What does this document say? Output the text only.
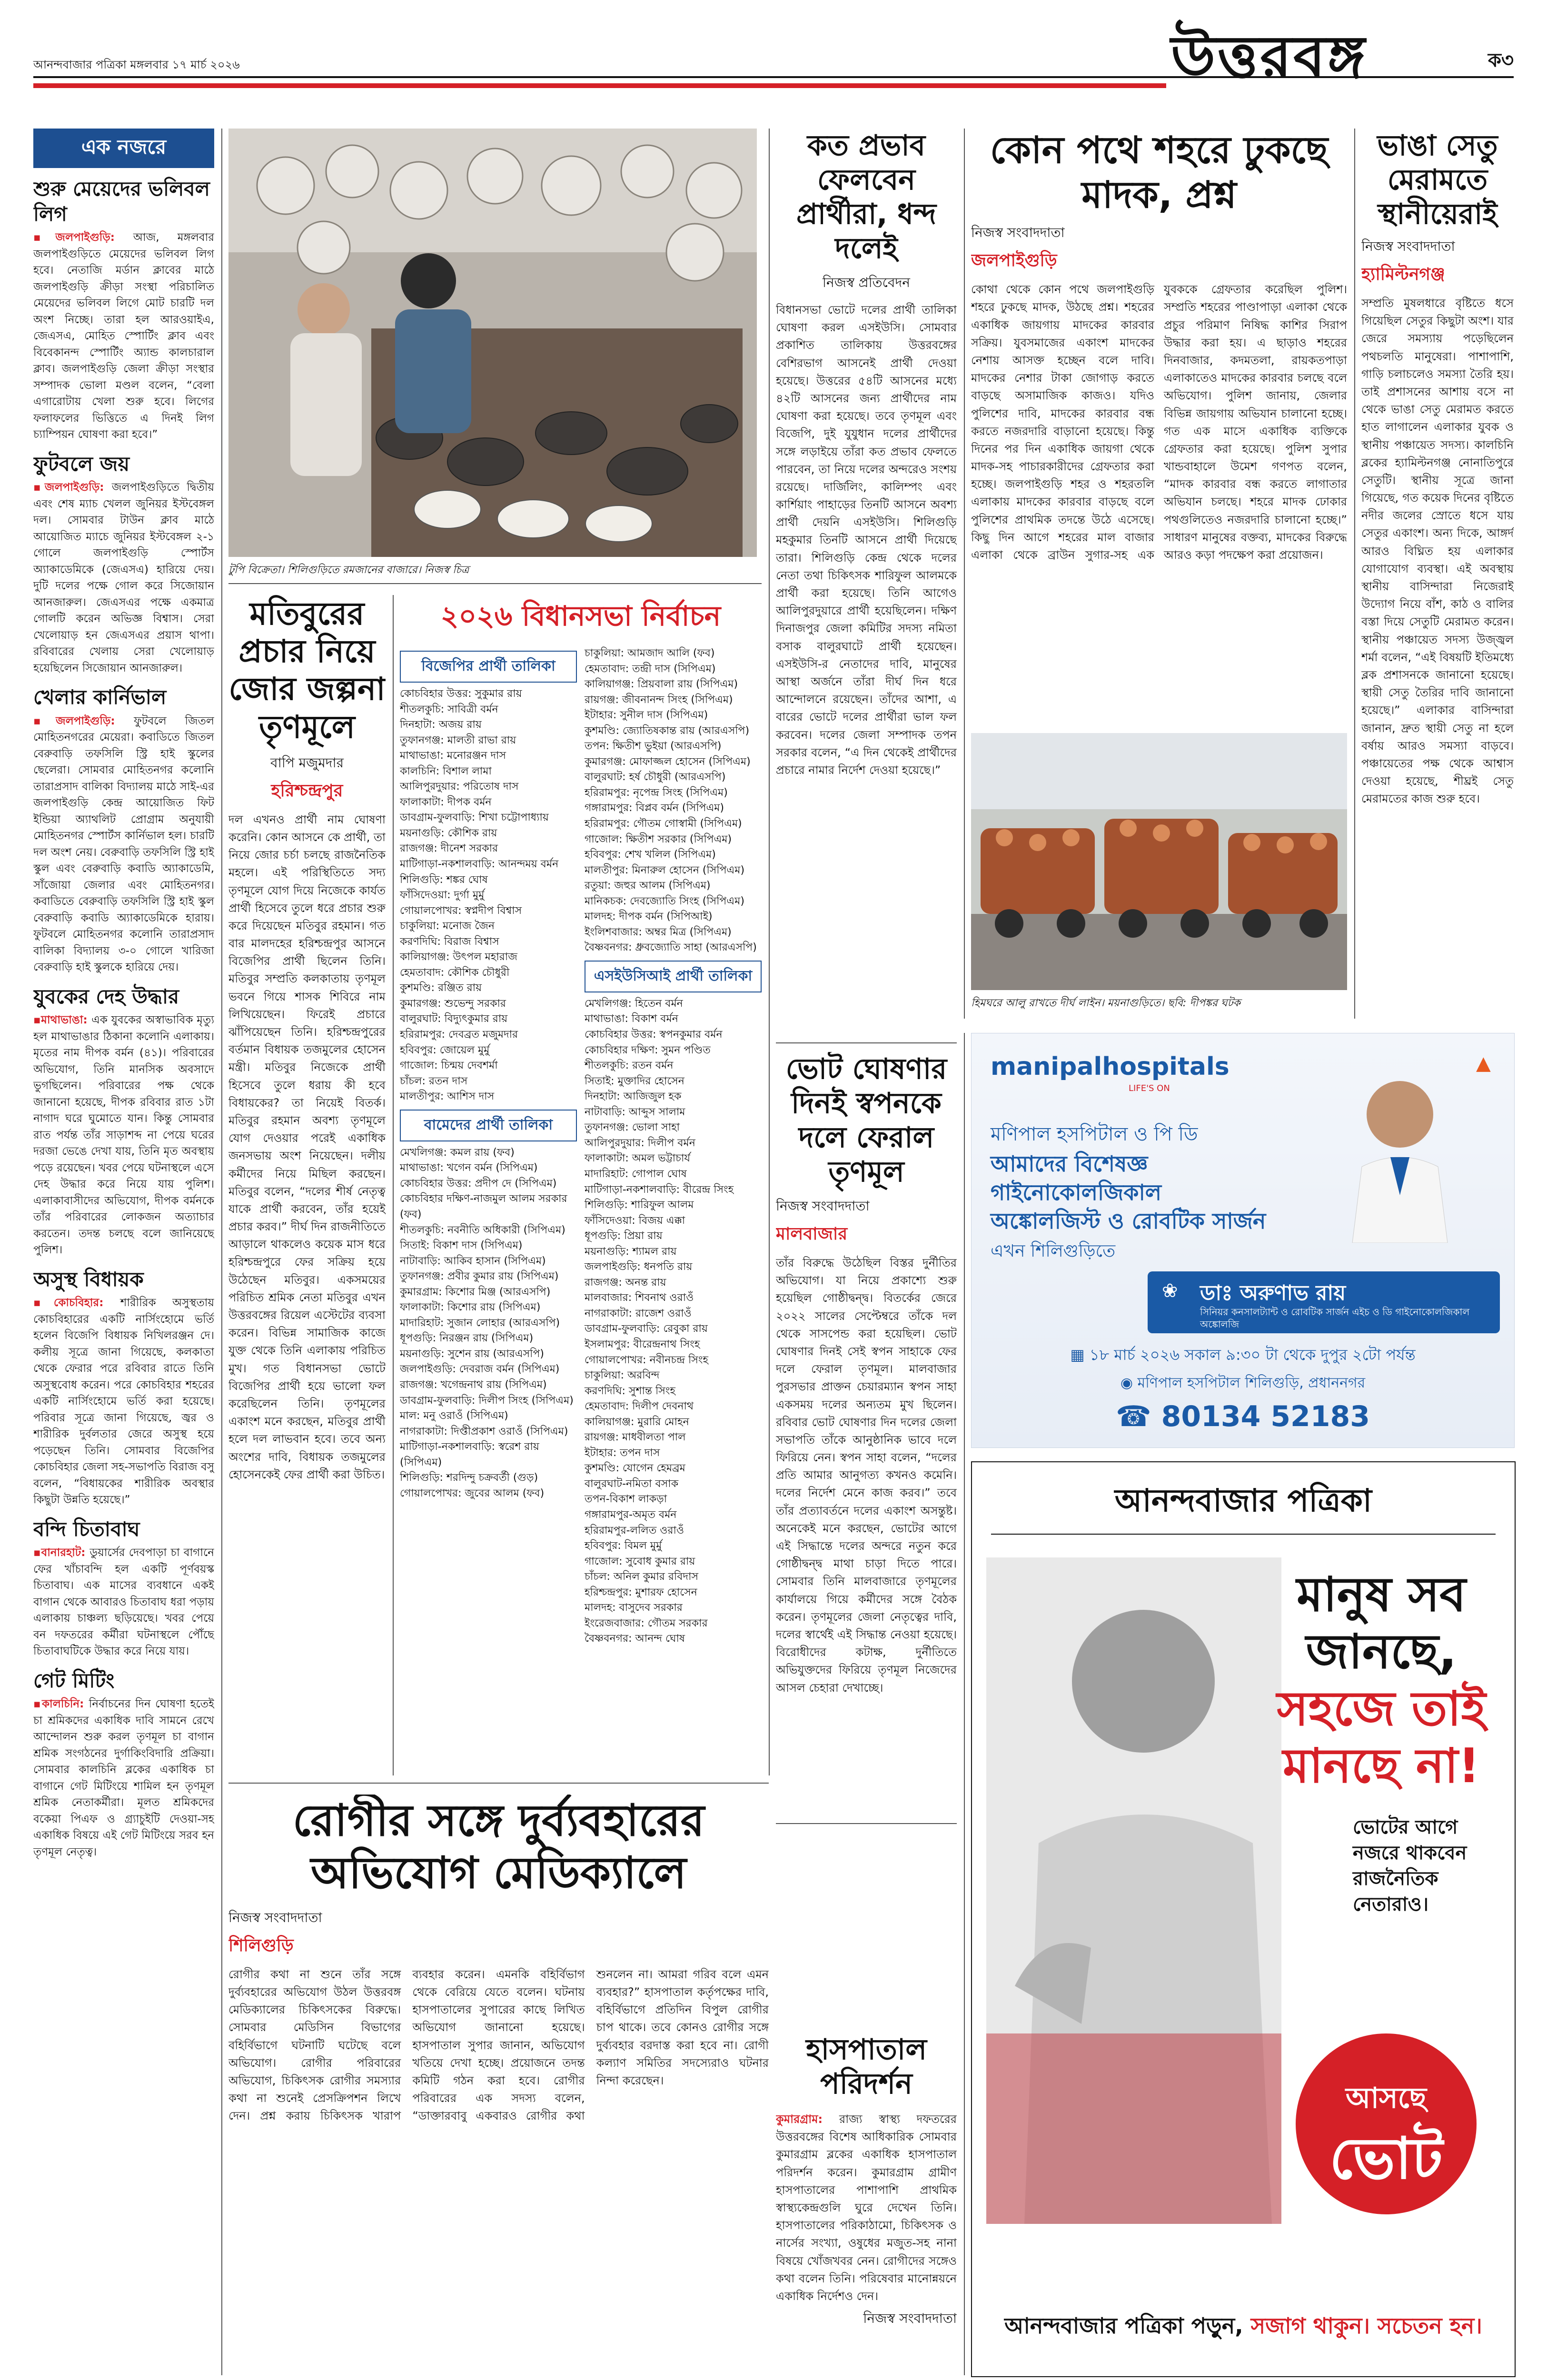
আনন্দবাজার পত্রিকা মঙ্গলবার ১৭ মার্চ ২০২৬	উত্তরবঙ্গ	ক৩
এক নজরে
শুরু মেয়েদের ভলিবল লিগ
▪জলপাইগুড়ি: আজ, মঙ্গলবার জলপাইগুড়িতে মেয়েদের ভলিবল লিগ হবে। নেতাজি মর্ডান ক্লাবের মাঠে জলপাইগুড়ি ক্রীড়া সংস্থা পরিচালিত মেয়েদের ভলিবল লিগে মোট চারটি দল অংশ নিচ্ছে। তারা হল আরওয়াইএ, জেএসএ, মোহিত স্পোর্টিং ক্লাব এবং বিবেকানন্দ স্পোর্টিং অ্যান্ড কালচারাল ক্লাব। জলপাইগুড়ি জেলা ক্রীড়া সংস্থার সম্পাদক ভোলা মণ্ডল বলেন, “বেলা এগারোটায় খেলা শুরু হবে। লিগের ফলাফলের ভিত্তিতে এ দিনই লিগ চ্যাম্পিয়ন ঘোষণা করা হবে।”
ফুটবলে জয়
▪জলপাইগুড়ি: জলপাইগুড়িতে দ্বিতীয় এবং শেষ ম্যাচ খেলল জুনিয়র ইস্টবেঙ্গল দল। সোমবার টাউন ক্লাব মাঠে আয়োজিত ম্যাচে জুনিয়র ইস্টবেঙ্গল ২-১ গোলে জলপাইগুড়ি স্পোর্টস অ্যাকাডেমিকে (জেএসএ) হারিয়ে দেয়। দুটি দলের পক্ষে গোল করে সিজোয়ান আনজারুল। জেএসএর পক্ষে একমাত্র গোলটি করেন অভিজ্ঞ বিশ্বাস। সেরা খেলোয়াড় হন জেএসএর প্রয়াস থাপা। রবিবারের খেলায় সেরা খেলোয়াড় হয়েছিলেন সিজোয়ান আনজারুল।
খেলার কার্নিভাল
▪জলপাইগুড়ি: ফুটবলে জিতল মোহিতনগরের মেয়েরা। কবাডিতে জিতল বেরুবাড়ি তফসিলি স্ট্রি হাই স্কুলের ছেলেরা। সোমবার মোহিতনগর কলোনি তারাপ্রসাদ বালিকা বিদ্যালয় মাঠে সাই-এর জলপাইগুড়ি কেন্দ্র আয়োজিত ফিট ইন্ডিয়া অ্যাথলিট প্রোগ্রাম অনুযায়ী মোহিতনগর স্পোর্টস কার্নিভাল হল। চারটি দল অংশ নেয়। বেরুবাড়ি তফসিলি স্ট্রি হাই স্কুল এবং বেরুবাড়ি কবাডি অ্যাকাডেমি, সাঁজোয়া জেলার এবং মোহিতনগর। কবাডিতে বেরুবাড়ি তফসিলি স্ট্রি হাই স্কুল বেরুবাড়ি কবাডি অ্যাকাডেমিকে হারায়। ফুটবলে মোহিতনগর কলোনি তারাপ্রসাদ বালিকা বিদ্যালয় ৩-০ গোলে খারিজা বেরুবাড়ি হাই স্কুলকে হারিয়ে দেয়।
যুবকের দেহ উদ্ধার
▪মাথাভাঙা: এক যুবকের অস্বাভাবিক মৃত্যু হল মাথাভাঙার ঠিকানা কলোনি এলাকায়। মৃতের নাম দীপক বর্মন (৪১)। পরিবারের অভিযোগ, তিনি মানসিক অবসাদে ভুগছিলেন। পরিবারের পক্ষ থেকে জানানো হয়েছে, দীপক রবিবার রাত ১টা নাগাদ ঘরে ঘুমোতে যান। কিন্তু সোমবার রাত পর্যন্ত তাঁর সাড়াশব্দ না পেয়ে ঘরের দরজা ভেঙে দেখা যায়, তিনি মৃত অবস্থায় পড়ে রয়েছেন। খবর পেয়ে ঘটনাস্থলে এসে দেহ উদ্ধার করে নিয়ে যায় পুলিশ। এলাকাবাসীদের অভিযোগ, দীপক বর্মনকে তাঁর পরিবারের লোকজন অত্যাচার করতেন। তদন্ত চলছে বলে জানিয়েছে পুলিশ।
অসুস্থ বিধায়ক
▪কোচবিহার: শারীরিক অসুস্থতায় কোচবিহারের একটি নার্সিংহোমে ভর্তি হলেন বিজেপি বিধায়ক নিখিলরঞ্জন দে। কলীয় সূত্রে জানা গিয়েছে, কলকাতা থেকে ফেরার পরে রবিবার রাতে তিনি অসুস্থবোধ করেন। পরে কোচবিহার শহরের একটি নার্সিংহোমে ভর্তি করা হয়েছে। পরিবার সূত্রে জানা গিয়েছে, জ্বর ও শারীরিক দুর্বলতার জেরে অসুস্থ হয়ে পড়েছেন তিনি। সোমবার বিজেপির কোচবিহার জেলা সহ-সভাপতি বিরাজ বসু বলেন, “বিধায়কের শারীরিক অবস্থার কিছুটা উন্নতি হয়েছে।”
বন্দি চিতাবাঘ
▪বানারহাট: ডুয়ার্সের দেবপাড়া চা বাগানে ফের খাঁচাবন্দি হল একটি পূর্ণবয়স্ক চিতাবাঘ। এক মাসের ব্যবধানে একই বাগান থেকে আবারও চিতাবাঘ ধরা পড়ায় এলাকায় চাঞ্চল্য ছড়িয়েছে। খবর পেয়ে বন দফতরের কর্মীরা ঘটনাস্থলে পৌঁছে চিতাবাঘটিকে উদ্ধার করে নিয়ে যায়।
গেট মিটিং
▪কালচিনি: নির্বাচনের দিন ঘোষণা হতেই চা শ্রমিকদের একাধিক দাবি সামনে রেখে আন্দোলন শুরু করল তৃণমূল চা বাগান শ্রমিক সংগঠনের দুর্গাকিংবিদারি প্রক্রিয়া। সোমবার কালচিনি ব্লকের একাধিক চা বাগানে গেট মিটিংয়ে শামিল হন তৃণমূল শ্রমিক নেতাকর্মীরা। মূলত শ্রমিকদের বকেয়া পিএফ ও গ্র্যাচুইটি দেওয়া-সহ একাধিক বিষয়ে এই গেট মিটিংয়ে সরব হন তৃণমূল নেতৃত্ব।
টুপি বিক্রেতা। শিলিগুড়িতে রমজানের বাজারে। নিজস্ব চিত্র
মতিবুরের প্রচার নিয়ে জোর জল্পনা তৃণমূলে
বাপি মজুমদার
হরিশ্চন্দ্রপুর
দল এখনও প্রার্থী নাম ঘোষণা করেনি। কোন আসনে কে প্রার্থী, তা নিয়ে জোর চর্চা চলছে রাজনৈতিক মহলে। এই পরিস্থিতিতে সদ্য তৃণমূলে যোগ দিয়ে নিজেকে কার্যত প্রার্থী হিসেবে তুলে ধরে প্রচার শুরু করে দিয়েছেন মতিবুর রহমান। গত বার মালদহের হরিশ্চন্দ্রপুর আসনে বিজেপির প্রার্থী ছিলেন তিনি। মতিবুর সম্প্রতি কলকাতায় তৃণমূল ভবনে গিয়ে শাসক শিবিরে নাম লিখিয়েছেন। ফিরেই প্রচারে ঝাঁপিয়েছেন তিনি। হরিশ্চন্দ্রপুরের বর্তমান বিধায়ক তজমুলের হোসেন মন্ত্রী। মতিবুর নিজেকে প্রার্থী হিসেবে তুলে ধরায় কী হবে বিধায়কের? তা নিয়েই বিতর্ক। মতিবুর রহমান অবশ্য তৃণমূলে যোগ দেওয়ার পরেই একাধিক জনসভায় অংশ নিয়েছেন। দলীয় কর্মীদের নিয়ে মিছিল করছেন। মতিবুর বলেন, “দলের শীর্ষ নেতৃত্ব যাকে প্রার্থী করবেন, তাঁর হয়েই প্রচার করব।” দীর্ঘ দিন রাজনীতিতে আড়ালে থাকলেও কয়েক মাস ধরে হরিশ্চন্দ্রপুরে ফের সক্রিয় হয়ে উঠেছেন মতিবুর। একসময়ের পরিচিত শ্রমিক নেতা মতিবুর এখন উত্তরবঙ্গের রিয়েল এস্টেটের ব্যবসা করেন। বিভিন্ন সামাজিক কাজে যুক্ত থেকে তিনি এলাকায় পরিচিত মুখ। গত বিধানসভা ভোটে বিজেপির প্রার্থী হয়ে ভালো ফল করেছিলেন তিনি। তৃণমূলের একাংশ মনে করছেন, মতিবুর প্রার্থী হলে দল লাভবান হবে। তবে অন্য অংশের দাবি, বিধায়ক তজমুলের হোসেনকেই ফের প্রার্থী করা উচিত।
২০২৬ বিধানসভা নির্বাচন
বিজেপির প্রার্থী তালিকা
কোচবিহার উত্তর: সুকুমার রায়
শীতলকুচি: সাবিত্রী বর্মন
দিনহাটা: অজয় রায়
তুফানগঞ্জ: মালতী রাভা রায়
মাথাভাঙা: মনোরঞ্জন দাস
কালচিনি: বিশাল লামা
আলিপুরদুয়ার: পরিতোষ দাস
ফালাকাটা: দীপক বর্মন
ডাবগ্রাম-ফুলবাড়ি: শিখা চট্টোপাধ্যায়
ময়নাগুড়ি: কৌশিক রায়
রাজগঞ্জ: দীনেশ সরকার
মাটিগাড়া-নকশালবাড়ি: আনন্দময় বর্মন
শিলিগুড়ি: শঙ্কর ঘোষ
ফাঁসিদেওয়া: দুর্গা মুর্মু
গোয়ালপোখর: স্বপ্নদীপ বিশ্বাস
চাকুলিয়া: মনোজ জৈন
করণদিঘি: বিরাজ বিশ্বাস
কালিয়াগঞ্জ: উৎপল মহারাজ
হেমতাবাদ: কৌশিক চৌধুরী
কুশমণ্ডি: রঞ্জিত রায়
কুমারগঞ্জ: শুভেন্দু সরকার
বালুরঘাট: বিদ্যুৎকুমার রায়
হরিরামপুর: দেবব্রত মজুমদার
হবিবপুর: জোয়েল মুর্মু
গাজোল: চিন্ময় দেবশর্মা
চাঁচল: রতন দাস
মালতীপুর: আশিস দাস
বামেদের প্রার্থী তালিকা
মেখলিগঞ্জ: কমল রায় (ফব)
মাথাভাঙা: খগেন বর্মন (সিপিএম)
কোচবিহার উত্তর: প্রদীপ দে (সিপিএম)
কোচবিহার দক্ষিণ-নাজমুল আলম সরকার (ফব)
শীতলকুচি: নবনীতি অধিকারী (সিপিএম)
সিতাই: বিকাশ দাস (সিপিএম)
নাটাবাড়ি: আকিব হাসান (সিপিএম)
তুফানগঞ্জ: প্রবীর কুমার রায় (সিপিএম)
কুমারগ্রাম: কিশোর মিঞ্জ (আরএসপি)
ফালাকাটা: কিশোর রায় (সিপিএম)
মাদারিহাট: সুজান লোহার (আরএসপি)
ধূপগুড়ি: নিরঞ্জন রায় (সিপিএম)
ময়নাগুড়ি: সুশেন রায় (আরএসপি)
জলপাইগুড়ি: দেবরাজ বর্মন (সিপিএম)
রাজগঞ্জ: খগেন্দ্রনাথ রায় (সিপিএম)
ডাবগ্রাম-ফুলবাড়ি: দিলীপ সিংহ (সিপিএম)
মাল: মনু ওরাওঁ (সিপিএম)
নাগরাকাটা: দিপ্তীপ্রকাশ ওরাওঁ (সিপিএম)
মাটিগাড়া-নকশালবাড়ি: স্বরেশ রায় (সিপিএম)
শিলিগুড়ি: শরদিন্দু চক্রবর্তী (গুড়)
গোয়ালপোখর: জুবের আলম (ফব)
চাকুলিয়া: আমজাদ আলি (ফব)
হেমতাবাদ: তন্দ্রী দাস (সিপিএম)
কালিয়াগঞ্জ: প্রিয়বালা রায় (সিপিএম)
রায়গঞ্জ: জীবনানন্দ সিংহ (সিপিএম)
ইটাহার: সুনীল দাস (সিপিএম)
কুশমণ্ডি: জ্যোতিষকান্ত রায় (আরএসপি)
তপন: ক্ষিতীশ ভুইয়া (আরএসপি)
কুমারগঞ্জ: মোফাজ্জল হোসেন (সিপিএম)
বালুরঘাট: হর্ষ চৌধুরী (আরএসপি)
হরিরামপুর: নৃপেন্দ্র সিংহ (সিপিএম)
গঙ্গারামপুর: বিপ্লব বর্মন (সিপিএম)
হরিরামপুর: গৌতম গোস্বামী (সিপিএম)
গাজোল: ক্ষিতীশ সরকার (সিপিএম)
হবিবপুর: শেখ খলিল (সিপিএম)
মালতীপুর: মিনারুল হোসেন (সিপিএম)
রতুয়া: জহুর আলম (সিপিএম)
মানিকচক: দেবজ্যোতি সিংহ (সিপিএম)
মালদহ: দীপক বর্মন (সিপিআই)
ইংলিশবাজার: অম্বর মিত্র (সিপিএম)
বৈষ্ণবনগর: ধ্রুবজ্যোতি সাহা (আরএসপি)
এসইউসিআই প্রার্থী তালিকা
মেখলিগঞ্জ: হিতেন বর্মন
মাথাভাঙা: বিকাশ বর্মন
কোচবিহার উত্তর: স্বপনকুমার বর্মন
কোচবিহার দক্ষিণ: সুমন পণ্ডিত
শীতলকুচি: রতন বর্মন
সিতাই: মুক্তাদির হোসেন
দিনহাটা: আজিজুল হক
নাটাবাড়ি: আব্দুস সালাম
তুফানগঞ্জ: ভোলা সাহা
আলিপুরদুয়ার: দিলীপ বর্মন
ফালাকাটা: অমল ভট্টাচার্য
মাদারিহাট: গোপাল ঘোষ
মাটিগাড়া-নকশালবাড়ি: বীরেন্দ্র সিংহ
শিলিগুড়ি: শারিফুল আলম
ফাঁসিদেওয়া: বিজয় এক্কা
ধূপগুড়ি: প্রিয়া রায়
ময়নাগুড়ি: শ্যামল রায়
জলপাইগুড়ি: ধনপতি রায়
রাজগঞ্জ: অনন্ত রায়
মালবাজার: শিবনাথ ওরাওঁ
নাগরাকাটা: রাজেশ ওরাওঁ
ডাবগ্রাম-ফুলবাড়ি: রেবুকা রায়
ইসলামপুর: বীরেন্দ্রনাথ সিংহ
গোয়ালপোখর: নবীনচন্দ্র সিংহ
চাকুলিয়া: অরবিন্দ
করণদিঘি: সুশান্ত সিংহ
হেমতাবাদ: দিলীপ দেবনাথ
কালিয়াগঞ্জ: মুরারি মোহন
রায়গঞ্জ: মাধবীলতা পাল
ইটাহার: তপন দাস
কুশমণ্ডি: যোগেন হেমব্রম
বালুরঘাট-নমিতা বসাক
তপন-বিকাশ লাকড়া
গঙ্গারামপুর-অমৃত বর্মন
হরিরামপুর-ললিত ওরাওঁ
হবিবপুর: বিমল মুর্মু
গাজোল: সুবোধ কুমার রায়
চাঁচল: অনিল কুমার রবিদাস
হরিশ্চন্দ্রপুর: মুশারফ হোসেন
মালদহ: বাসুদেব সরকার
ইংরেজবাজার: গৌতম সরকার
বৈষ্ণবনগর: আনন্দ ঘোষ
কত প্রভাব ফেলবেন
প্রার্থীরা, ধন্দ দলেই
নিজস্ব প্রতিবেদন
বিধানসভা ভোটে দলের প্রার্থী তালিকা ঘোষণা করল এসইউসি। সোমবার প্রকাশিত তালিকায় উত্তরবঙ্গের বেশিরভাগ আসনেই প্রার্থী দেওয়া হয়েছে। উত্তরের ৫৪টি আসনের মধ্যে ৪২টি আসনের জন্য প্রার্থীদের নাম ঘোষণা করা হয়েছে। তবে তৃণমূল এবং বিজেপি, দুই যুযুধান দলের প্রার্থীদের সঙ্গে লড়াইয়ে তাঁরা কত প্রভাব ফেলতে পারবেন, তা নিয়ে দলের অন্দরেও সংশয় রয়েছে। দার্জিলিং, কালিম্পং এবং কার্শিয়াং পাহাড়ের তিনটি আসনে অবশ্য প্রার্থী দেয়নি এসইউসি। শিলিগুড়ি মহকুমার তিনটি আসনে প্রার্থী দিয়েছে তারা। শিলিগুড়ি কেন্দ্র থেকে দলের নেতা তথা চিকিৎসক শারিফুল আলমকে প্রার্থী করা হয়েছে। তিনি আগেও আলিপুরদুয়ারে প্রার্থী হয়েছিলেন। দক্ষিণ দিনাজপুর জেলা কমিটির সদস্য নমিতা বসাক বালুরঘাটে প্রার্থী হয়েছেন। এসইউসি-র নেতাদের দাবি, মানুষের আস্থা অর্জনে তাঁরা দীর্ঘ দিন ধরে আন্দোলনে রয়েছেন। তাঁদের আশা, এ বারের ভোটে দলের প্রার্থীরা ভাল ফল করবেন। দলের জেলা সম্পাদক তপন সরকার বলেন, “এ দিন থেকেই প্রার্থীদের প্রচারে নামার নির্দেশ দেওয়া হয়েছে।”
ভোট ঘোষণার দিনই স্বপনকে দলে ফেরাল তৃণমূল
নিজস্ব সংবাদদাতা
মালবাজার
তাঁর বিরুদ্ধে উঠেছিল বিস্তর দুর্নীতির অভিযোগ। যা নিয়ে প্রকাশ্যে শুরু হয়েছিল গোষ্ঠীদ্বন্দ্ব। বিতর্কের জেরে ২০২২ সালের সেপ্টেম্বরে তাঁকে দল থেকে সাসপেন্ড করা হয়েছিল। ভোট ঘোষণার দিনই সেই স্বপন সাহাকে ফের দলে ফেরাল তৃণমূল। মালবাজার পুরসভার প্রাক্তন চেয়ারম্যান স্বপন সাহা একসময় দলের অন্যতম মুখ ছিলেন। রবিবার ভোট ঘোষণার দিন দলের জেলা সভাপতি তাঁকে আনুষ্ঠানিক ভাবে দলে ফিরিয়ে নেন। স্বপন সাহা বলেন, “দলের প্রতি আমার আনুগত্য কখনও কমেনি। দলের নির্দেশ মেনে কাজ করব।” তবে তাঁর প্রত্যাবর্তনে দলের একাংশ অসন্তুষ্ট। অনেকেই মনে করছেন, ভোটের আগে এই সিদ্ধান্তে দলের অন্দরে নতুন করে গোষ্ঠীদ্বন্দ্ব মাথা চাড়া দিতে পারে। সোমবার তিনি মালবাজারে তৃণমূলের কার্যালয়ে গিয়ে কর্মীদের সঙ্গে বৈঠক করেন। তৃণমূলের জেলা নেতৃত্বের দাবি, দলের স্বার্থেই এই সিদ্ধান্ত নেওয়া হয়েছে। বিরোধীদের কটাক্ষ, দুর্নীতিতে অভিযুক্তদের ফিরিয়ে তৃণমূল নিজেদের আসল চেহারা দেখাচ্ছে।
হাসপাতাল পরিদর্শন
কুমারগ্রাম: রাজ্য স্বাস্থ্য দফতরের উত্তরবঙ্গের বিশেষ আধিকারিক সোমবার কুমারগ্রাম ব্লকের একাধিক হাসপাতাল পরিদর্শন করেন। কুমারগ্রাম গ্রামীণ হাসপাতালের পাশাপাশি প্রাথমিক স্বাস্থ্যকেন্দ্রগুলি ঘুরে দেখেন তিনি। হাসপাতালের পরিকাঠামো, চিকিৎসক ও নার্সের সংখ্যা, ওষুধের মজুত-সহ নানা বিষয়ে খোঁজখবর নেন। রোগীদের সঙ্গেও কথা বলেন তিনি। পরিষেবার মানোন্নয়নে একাধিক নির্দেশও দেন।
নিজস্ব সংবাদদাতা
কোন পথে শহরে ঢুকছে মাদক, প্রশ্ন
নিজস্ব সংবাদদাতা
জলপাইগুড়ি
কোথা থেকে কোন পথে জলপাইগুড়ি শহরে ঢুকছে মাদক, উঠছে প্রশ্ন। শহরের একাধিক জায়গায় মাদকের কারবার সক্রিয়। যুবসমাজের একাংশ মাদকের নেশায় আসক্ত হচ্ছেন বলে দাবি। মাদকের নেশার টাকা জোগাড় করতে বাড়ছে অসামাজিক কাজও। যদিও পুলিশের দাবি, মাদকের কারবার বন্ধ করতে নজরদারি বাড়ানো হয়েছে। কিন্তু দিনের পর দিন একাধিক জায়গা থেকে মাদক-সহ পাচারকারীদের গ্রেফতার করা হচ্ছে। জলপাইগুড়ি শহর ও শহরতলি এলাকায় মাদকের কারবার বাড়ছে বলে পুলিশের প্রাথমিক তদন্তে উঠে এসেছে। কিছু দিন আগে শহরের মাল বাজার এলাকা থেকে ব্রাউন সুগার-সহ এক যুবককে গ্রেফতার করেছিল পুলিশ। সম্প্রতি শহরের পাণ্ডাপাড়া এলাকা থেকে প্রচুর পরিমাণ নিষিদ্ধ কাশির সিরাপ উদ্ধার করা হয়। এ ছাড়াও শহরের দিনবাজার, কদমতলা, রায়কতপাড়া এলাকাতেও মাদকের কারবার চলছে বলে অভিযোগ। পুলিশ জানায়, জেলার বিভিন্ন জায়গায় অভিযান চালানো হচ্ছে। গত এক মাসে একাধিক ব্যক্তিকে গ্রেফতার করা হয়েছে। পুলিশ সুপার খান্ডবাহালে উমেশ গণপত বলেন, “মাদক কারবার বন্ধ করতে লাগাতার অভিযান চলছে। শহরে মাদক ঢোকার পথগুলিতেও নজরদারি চালানো হচ্ছে।” সাধারণ মানুষের বক্তব্য, মাদকের বিরুদ্ধে আরও কড়া পদক্ষেপ করা প্রয়োজন।
হিমঘরে আলু রাখতে দীর্ঘ লাইন। ময়নাগুড়িতে। ছবি: দীপঙ্কর ঘটক
ভাঙা সেতু মেরামতে স্থানীয়েরাই
নিজস্ব সংবাদদাতা
হ্যামিল্টনগঞ্জ
সম্প্রতি মুষলধারে বৃষ্টিতে ধসে গিয়েছিল সেতুর কিছুটা অংশ। যার জেরে সমস্যায় পড়েছিলেন পথচলতি মানুষেরা। পাশাপাশি, গাড়ি চলাচলেও সমস্যা তৈরি হয়। তাই প্রশাসনের আশায় বসে না থেকে ভাঙা সেতু মেরামত করতে হাত লাগালেন এলাকার যুবক ও স্থানীয় পঞ্চায়েত সদস্য। কালচিনি ব্লকের হ্যামিল্টনগঞ্জ নোনাতিপুরে সেতুটি। স্থানীয় সূত্রে জানা গিয়েছে, গত কয়েক দিনের বৃষ্টিতে নদীর জলের স্রোতে ধসে যায় সেতুর একাংশ। অন্য দিকে, আঙ্গর্দ আরও বিঘ্নিত হয় এলাকার যোগাযোগ ব্যবস্থা। এই অবস্থায় স্থানীয় বাসিন্দারা নিজেরাই উদ্যোগ নিয়ে বাঁশ, কাঠ ও বালির বস্তা দিয়ে সেতুটি মেরামত করেন। স্থানীয় পঞ্চায়েত সদস্য উজ্জ্বল শর্মা বলেন, “এই বিষয়টি ইতিমধ্যে ব্লক প্রশাসনকে জানানো হয়েছে। স্থায়ী সেতু তৈরির দাবি জানানো হয়েছে।” এলাকার বাসিন্দারা জানান, দ্রুত স্থায়ী সেতু না হলে বর্ষায় আরও সমস্যা বাড়বে। পঞ্চায়েতের পক্ষ থেকে আশ্বাস দেওয়া হয়েছে, শীঘ্রই সেতু মেরামতের কাজ শুরু হবে।
manipalhospitals
LIFE'S ON
মণিপাল হসপিটাল ও পি ডি
আমাদের বিশেষজ্ঞ
গাইনোকোলজিকাল
অঙ্কোলজিস্ট ও রোবটিক সার্জন
এখন শিলিগুড়িতে
▲
❀ ডাঃ অরুণাভ রায়
সিনিয়র কনসালট্যান্ট ও রোবটিক সার্জন এইচ ও ডি গাইনোকোলজিকাল অঙ্কোলজি
▦ ১৮ মার্চ ২০২৬ সকাল ৯:৩০ টা থেকে দুপুর ২টো পর্যন্ত
◉ মণিপাল হসপিটাল শিলিগুড়ি, প্রধাননগর
☎ 80134 52183
আনন্দবাজার পত্রিকা
মানুষ সব
জানছে,
সহজে তাই
মানছে না!
ভোটের আগে নজরে থাকবেন রাজনৈতিক নেতারাও।
আসছে
ভোট
আনন্দবাজার পত্রিকা পড়ুন, সজাগ থাকুন। সচেতন হন।
রোগীর সঙ্গে দুর্ব্যবহারের অভিযোগ মেডিক্যালে
নিজস্ব সংবাদদাতা
শিলিগুড়ি
রোগীর কথা না শুনে তাঁর সঙ্গে দুর্ব্যবহারের অভিযোগ উঠল উত্তরবঙ্গ মেডিক্যালের চিকিৎসকের বিরুদ্ধে। সোমবার মেডিসিন বিভাগের বহির্বিভাগে ঘটনাটি ঘটেছে বলে অভিযোগ। রোগীর পরিবারের অভিযোগ, চিকিৎসক রোগীর সমস্যার কথা না শুনেই প্রেসক্রিপশন লিখে দেন। প্রশ্ন করায় চিকিৎসক খারাপ ব্যবহার করেন। এমনকি বহির্বিভাগ থেকে বেরিয়ে যেতে বলেন। ঘটনায় হাসপাতালের সুপারের কাছে লিখিত অভিযোগ জানানো হয়েছে। হাসপাতাল সুপার জানান, অভিযোগ খতিয়ে দেখা হচ্ছে। প্রয়োজনে তদন্ত কমিটি গঠন করা হবে। রোগীর পরিবারের এক সদস্য বলেন, “ডাক্তারবাবু একবারও রোগীর কথা শুনলেন না। আমরা গরিব বলে এমন ব্যবহার?” হাসপাতাল কর্তৃপক্ষের দাবি, বহির্বিভাগে প্রতিদিন বিপুল রোগীর চাপ থাকে। তবে কোনও রোগীর সঙ্গে দুর্ব্যবহার বরদাস্ত করা হবে না। রোগী কল্যাণ সমিতির সদস্যেরাও ঘটনার নিন্দা করেছেন।
